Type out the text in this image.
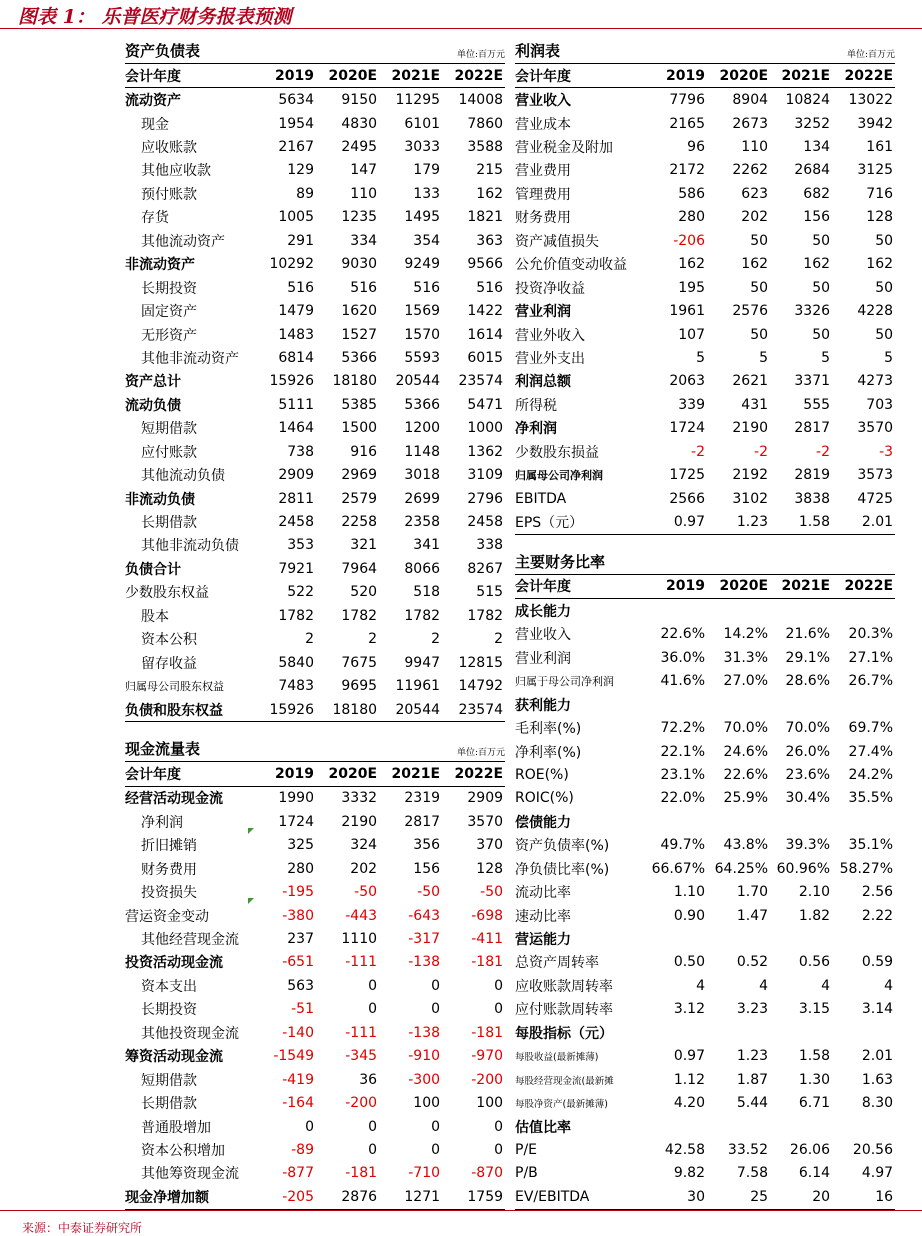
图表 1： 乐普医疗财务报表预测
资产负债表			单位:百万元	
会计年度	2019	2020E	2021E	2022E
流动资产	5634	9150	11295	14008
现金	1954	4830	6101	7860
应收账款	2167	2495	3033	3588
其他应收款	129	147	179	215
预付账款	89	110	133	162
存货	1005	1235	1495	1821
其他流动资产	291	334	354	363
非流动资产	10292	9030	9249	9566
长期投资	516	516	516	516
固定资产	1479	1620	1569	1422
无形资产	1483	1527	1570	1614
其他非流动资产	6814	5366	5593	6015
资产总计	15926	18180	20544	23574
流动负债	5111	5385	5366	5471
短期借款	1464	1500	1200	1000
应付账款	738	916	1148	1362
其他流动负债	2909	2969	3018	3109
非流动负债	2811	2579	2699	2796
长期借款	2458	2258	2358	2458
其他非流动负债	353	321	341	338
负债合计	7921	7964	8066	8267
少数股东权益	522	520	518	515
股本	1782	1782	1782	1782
资本公积	2	2	2	2
留存收益	5840	7675	9947	12815
归属母公司股东权益	7483	9695	11961	14792
负债和股东权益	15926	18180	20544	23574
现金流量表			单位:百万元	
会计年度	2019	2020E	2021E	2022E
经营活动现金流	1990	3332	2319	2909
净利润	1724	2190	2817	3570
折旧摊销	325	324	356	370
财务费用	280	202	156	128
投资损失	-195	-50	-50	-50
营运资金变动	-380	-443	-643	-698
其他经营现金流	237	1110	-317	-411
投资活动现金流	-651	-111	-138	-181
资本支出	563	0	0	0
长期投资	-51	0	0	0
其他投资现金流	-140	-111	-138	-181
筹资活动现金流	-1549	-345	-910	-970
短期借款	-419	36	-300	-200
长期借款	-164	-200	100	100
普通股增加	0	0	0	0
资本公积增加	-89	0	0	0
其他筹资现金流	-877	-181	-710	-870
现金净增加额	-205	2876	1271	1759
利润表			单位:百万元	
会计年度	2019	2020E	2021E	2022E
营业收入	7796	8904	10824	13022
营业成本	2165	2673	3252	3942
营业税金及附加	96	110	134	161
营业费用	2172	2262	2684	3125
管理费用	586	623	682	716
财务费用	280	202	156	128
资产减值损失	-206	50	50	50
公允价值变动收益	162	162	162	162
投资净收益	195	50	50	50
营业利润	1961	2576	3326	4228
营业外收入	107	50	50	50
营业外支出	5	5	5	5
利润总额	2063	2621	3371	4273
所得税	339	431	555	703
净利润	1724	2190	2817	3570
少数股东损益	-2	-2	-2	-3
归属母公司净利润	1725	2192	2819	3573
EBITDA	2566	3102	3838	4725
EPS（元）	0.97	1.23	1.58	2.01
主要财务比率				
会计年度	2019	2020E	2021E	2022E
成长能力				
营业收入	22.6%	14.2%	21.6%	20.3%
营业利润	36.0%	31.3%	29.1%	27.1%
归属于母公司净利润	41.6%	27.0%	28.6%	26.7%
获利能力				
毛利率(%)	72.2%	70.0%	70.0%	69.7%
净利率(%)	22.1%	24.6%	26.0%	27.4%
ROE(%)	23.1%	22.6%	23.6%	24.2%
ROIC(%)	22.0%	25.9%	30.4%	35.5%
偿债能力				
资产负债率(%)	49.7%	43.8%	39.3%	35.1%
净负债比率(%)	66.67%	64.25%	60.96%	58.27%
流动比率	1.10	1.70	2.10	2.56
速动比率	0.90	1.47	1.82	2.22
营运能力				
总资产周转率	0.50	0.52	0.56	0.59
应收账款周转率	4	4	4	4
应付账款周转率	3.12	3.23	3.15	3.14
每股指标（元）				
每股收益(最新摊薄)	0.97	1.23	1.58	2.01
每股经营现金流(最新摊	1.12	1.87	1.30	1.63
每股净资产(最新摊薄)	4.20	5.44	6.71	8.30
估值比率				
P/E	42.58	33.52	26.06	20.56
P/B	9.82	7.58	6.14	4.97
EV/EBITDA	30	25	20	16
来源：中泰证券研究所
